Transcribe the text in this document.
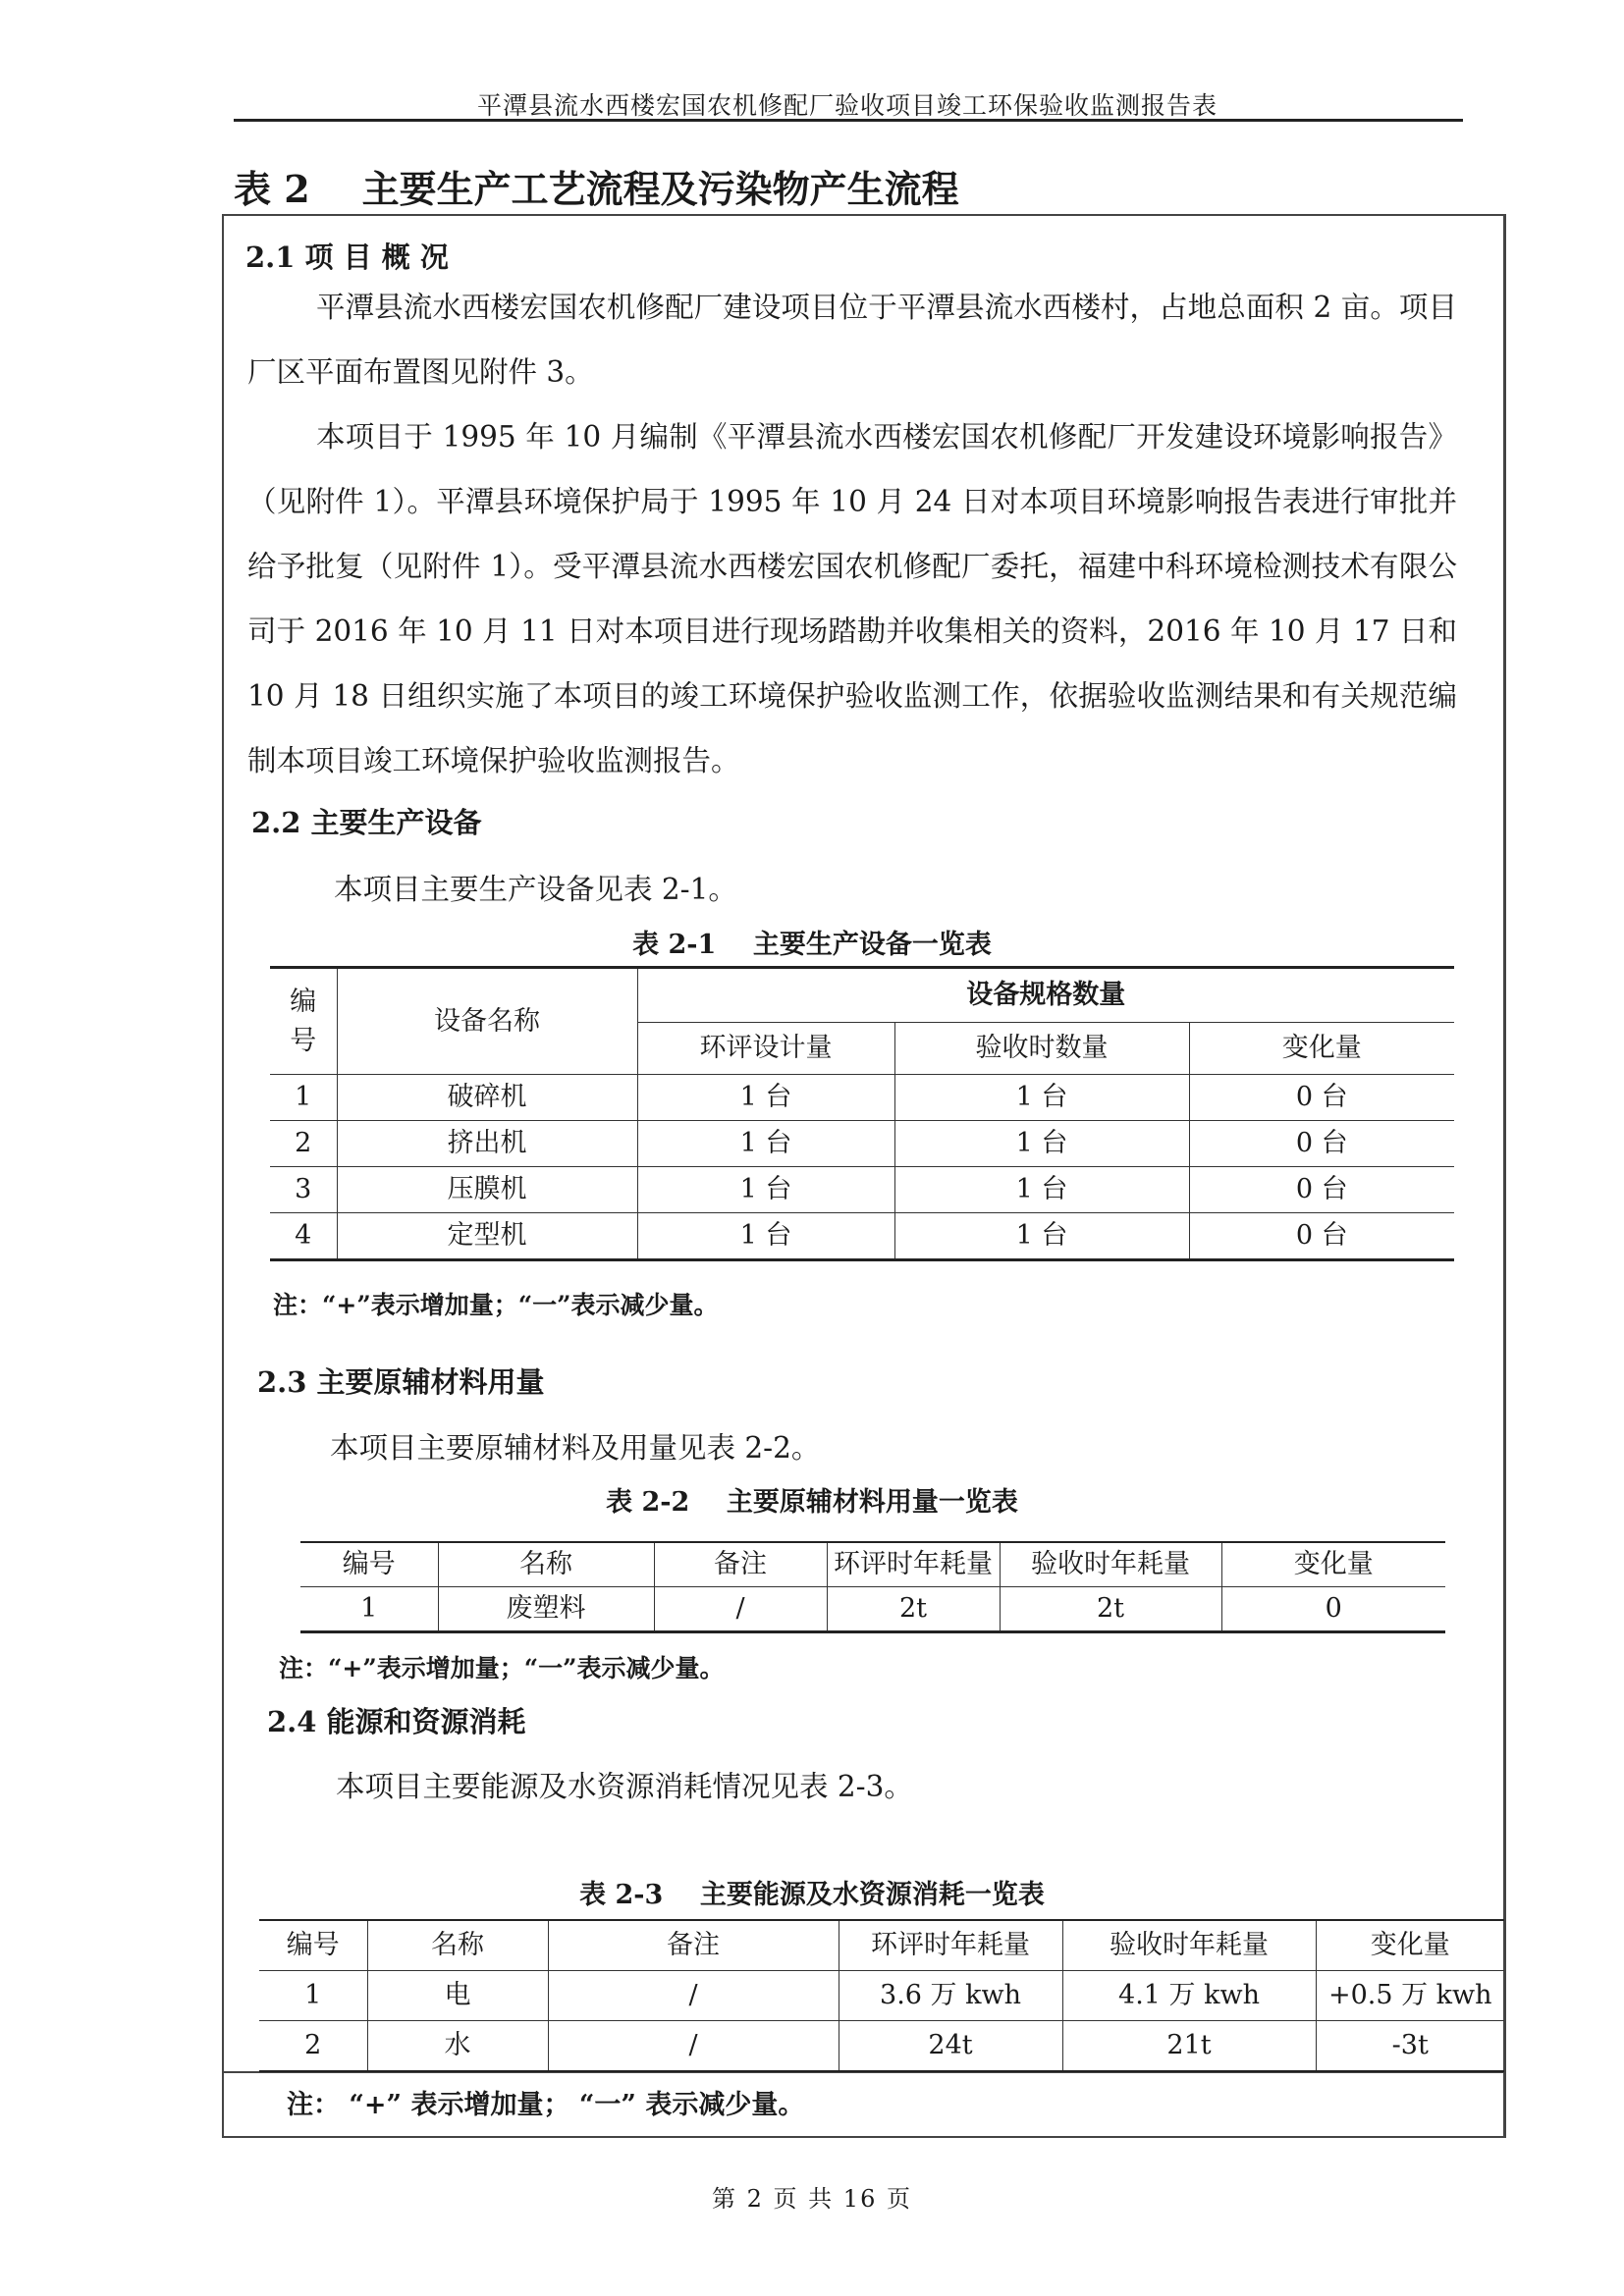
平潭县流水西楼宏国农机修配厂验收项目竣工环保验收监测报告表
表 2 主要生产工艺流程及污染物产生流程
2.1 项 目 概 况

平潭县流水西楼宏国农机修配厂建设项目位于平潭县流水西楼村，占地总面积 2 亩。项目厂区平面布置图见附件 3。

本项目于 1995 年 10 月编制《平潭县流水西楼宏国农机修配厂开发建设环境影响报告》（见附件 1）。平潭县环境保护局于 1995 年 10 月 24 日对本项目环境影响报告表进行审批并给予批复（见附件 1）。受平潭县流水西楼宏国农机修配厂委托，福建中科环境检测技术有限公司于 2016 年 10 月 11 日对本项目进行现场踏勘并收集相关的资料，2016 年 10 月 17 日和 10 月 18 日组织实施了本项目的竣工环境保护验收监测工作，依据验收监测结果和有关规范编制本项目竣工环境保护验收监测报告。

2.2 主要生产设备
本项目主要生产设备见表 2-1。
表 2-1    主要生产设备一览表
编
号	设备名称	设备规格数量		
		环评设计量	验收时数量	变化量
1	破碎机	1 台	1 台	0 台
2	挤出机	1 台	1 台	0 台
3	压膜机	1 台	1 台	0 台
4	定型机	1 台	1 台	0 台
注：“+”表示增加量；“一”表示减少量。
2.3 主要原辅材料用量
本项目主要原辅材料及用量见表 2-2。
表 2-2    主要原辅材料用量一览表
编号	名称	备注	环评时年耗量	验收时年耗量	变化量
1	废塑料	/	2t	2t	0
注：“+”表示增加量；“一”表示减少量。
2.4 能源和资源消耗
本项目主要能源及水资源消耗情况见表 2-3。
表 2-3    主要能源及水资源消耗一览表
编号	名称	备注	环评时年耗量	验收时年耗量	变化量
1	电	/	3.6 万 kwh	4.1 万 kwh	+0.5 万 kwh
2	水	/	24t	21t	-3t
注： “+” 表示增加量； “一” 表示减少量。
第 2 页 共 16 页
